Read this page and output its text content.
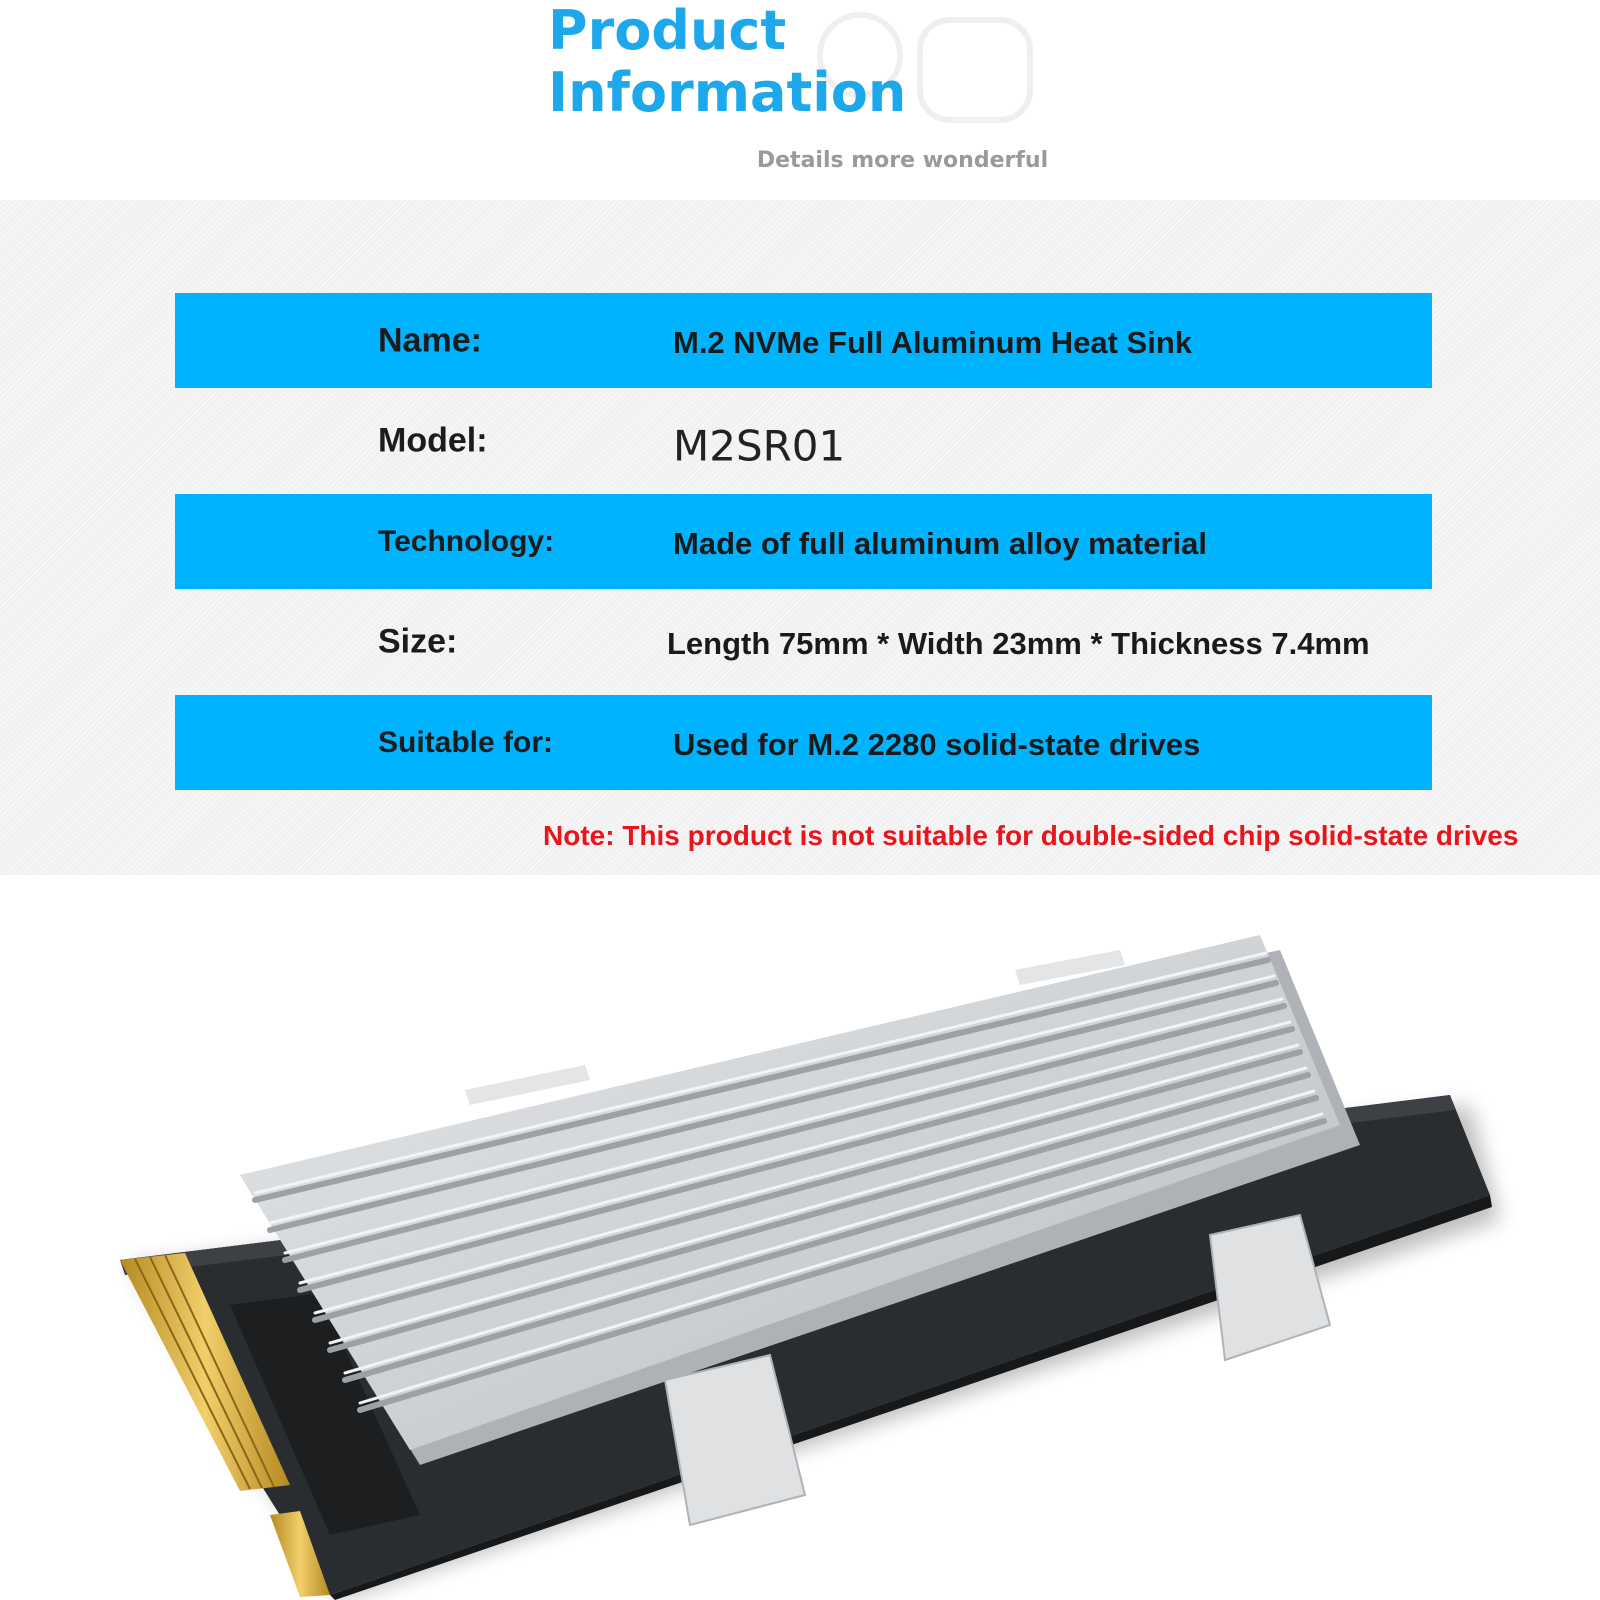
Product
Information
Details more wonderful
Name:	M.2 NVMe Full Aluminum Heat Sink
Model:	M2SR01
Technology:	Made of full aluminum alloy material
Size:	Length 75mm * Width 23mm * Thickness 7.4mm
Suitable for:	Used for M.2 2280 solid-state drives
Note: This product is not suitable for double-sided chip solid-state drives
